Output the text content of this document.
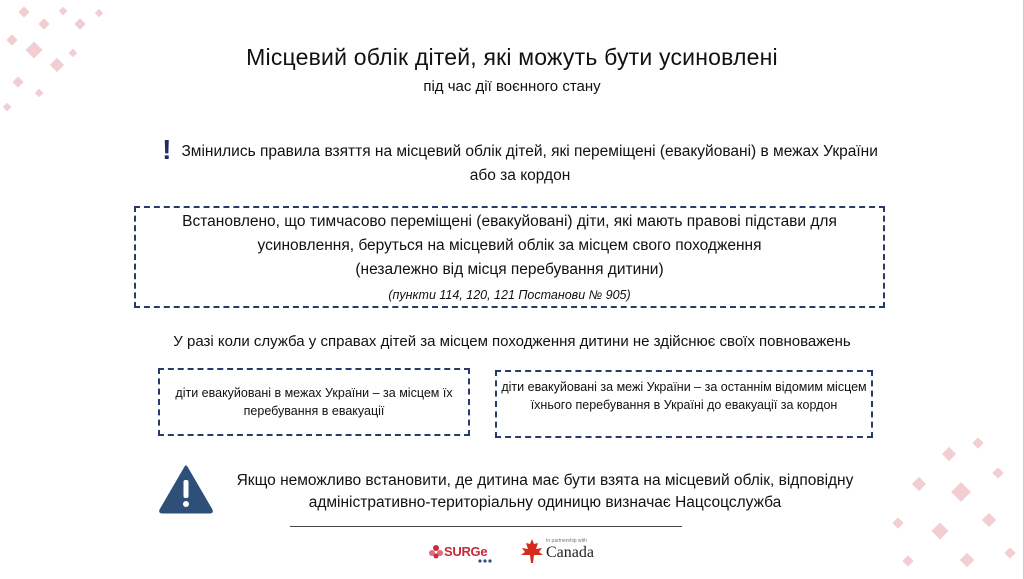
Місцевий облік дітей, які можуть бути усиновлені
під час дії воєнного стану
! Змінились правила взяття на місцевий облік дітей, які переміщені (евакуйовані) в межах України або за кордон
Встановлено, що тимчасово переміщені (евакуйовані) діти, які мають правові підстави для усиновлення, беруться на місцевий облік за місцем свого походження
(незалежно від місця перебування дитини)
(пункти 114, 120, 121 Постанови № 905)
У разі коли служба у справах дітей за місцем походження дитини не здійснює своїх повноважень
діти евакуйовані в межах України – за місцем їх перебування в евакуації
діти евакуйовані за межі України – за останнім відомим місцем їхнього перебування в Україні до евакуації за кордон
Якщо неможливо встановити, де дитина має бути взята на місцевий облік, відповідну адміністративно-територіальну одиницю визначає Нацсоцслужба
SURGe
In partnership with
Canada
